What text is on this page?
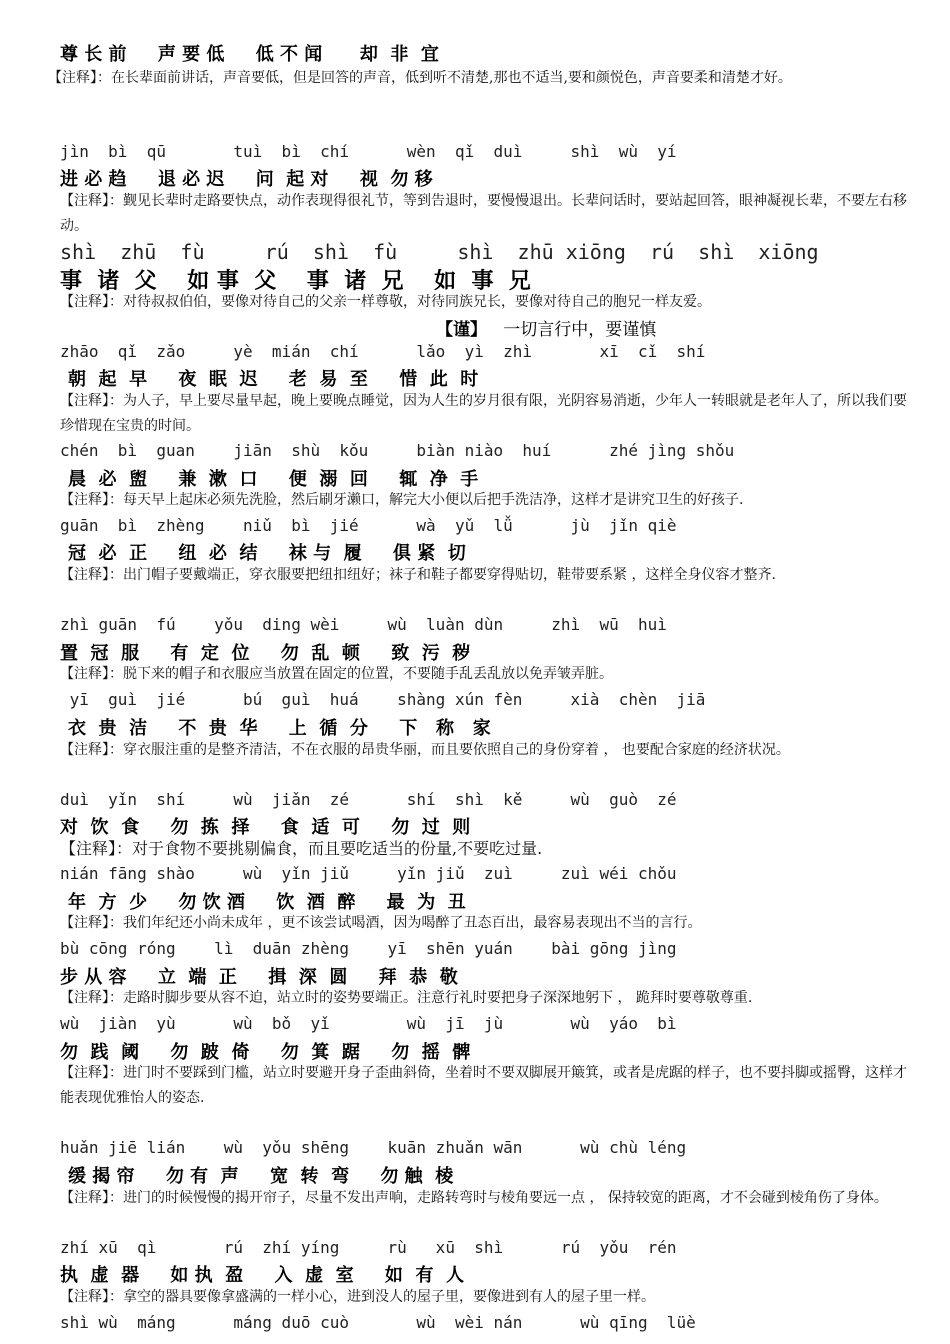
尊 长 前     声 要 低     低 不 闻      却  非  宜
【注释】：在长辈面前讲话，声音要低，但是回答的声音，低到听不清楚,那也不适当,要和颜悦色，声音要柔和清楚才好。
jìn  bì  qū       tuì  bì  chí      wèn  qǐ  duì     shì  wù  yí
进 必 趋     退 必 迟     问  起 对     视  勿 移
【注释】：觐见长辈时走路要快点，动作表现得很礼节，等到告退时，要慢慢退出。长辈问话时，要站起回答，眼神凝视长辈，不要左右移动。
shì  zhū  fù     rú  shì  fù     shì  zhū xiōng  rú  shì  xiōng
事  诸  父    如 事  父    事  诸  兄    如  事  兄
【注释】：对待叔叔伯伯，要像对待自己的父亲一样尊敬，对待同族兄长，要像对待自己的胞兄一样友爱。
【谨】 一切言行中，要谨慎
zhāo  qǐ  zǎo     yè  mián  chí      lǎo  yì  zhì       xī  cǐ  shí
朝  起  早     夜  眠  迟     老  易  至     惜  此  时
【注释】：为人子，早上要尽量早起，晚上要晚点睡觉，因为人生的岁月很有限，光阴容易消逝，少年人一转眼就是老年人了，所以我们要珍惜现在宝贵的时间。
chén  bì  guan    jiān  shù  kǒu     biàn niào  huí      zhé jìng shǒu
晨  必  盥     兼  漱  口     便  溺  回     辄  净  手
【注释】：每天早上起床必须先洗脸，然后刷牙濑口，解完大小便以后把手洗洁净，这样才是讲究卫生的好孩子.
guān  bì  zhèng    niǔ  bì  jié      wà  yǔ  lǚ      jù  jǐn qiè
冠  必  正     纽  必  结     袜 与  履     俱 紧  切
【注释】：出门帽子要戴端正，穿衣服要把纽扣纽好；袜子和鞋子都要穿得贴切，鞋带要系紧 ，这样全身仪容才整齐.
zhì guān  fú    yǒu  ding wèi     wù  luàn dùn     zhì  wū  huì
置  冠  服     有  定  位     勿  乱  顿     致  污  秽
【注释】：脱下来的帽子和衣服应当放置在固定的位置，不要随手乱丢乱放以免弄皱弄脏。
yī  guì  jié      bú  guì  huá    shàng xún fèn     xià  chèn  jiā
衣  贵  洁     不  贵  华     上  循  分     下   称   家
【注释】：穿衣服注重的是整齐清洁，不在衣服的昂贵华丽，而且要依照自己的身份穿着 ， 也要配合家庭的经济状况。
duì  yǐn  shí     wù  jiǎn  zé      shí  shì  kě     wù  guò  zé
对  饮  食     勿  拣  择     食  适  可     勿  过  则
【注释】：对于食物不要挑剔偏食，而且要吃适当的份量,不要吃过量.
nián fāng shào     wù  yǐn jiǔ     yǐn jiǔ  zuì     zuì wéi chǒu
年  方  少     勿 饮 酒     饮  酒  醉     最  为  丑
【注释】：我们年纪还小尚未成年 ，更不该尝试喝酒，因为喝醉了丑态百出，最容易表现出不当的言行。
bù cōng róng    lì  duān zhèng    yī  shēn yuán    bài gōng jìng
步 从 容     立  端  正     揖  深  圆     拜  恭  敬
【注释】：走路时脚步要从容不迫，站立时的姿势要端正。注意行礼时要把身子深深地躬下 ， 跪拜时要尊敬尊重.
wù  jiàn  yù      wù  bǒ  yǐ        wù  jī  jù       wù  yáo  bì
勿  践  阈     勿  跛  倚     勿  箕  踞     勿  摇  髀
【注释】：进门时不要踩到门槛，站立时要避开身子歪曲斜倚，坐着时不要双脚展开簸箕，或者是虎踞的样子，也不要抖脚或摇臀，这样才能表现优雅怡人的姿态.
huǎn jiē lián    wù  yǒu shēng    kuān zhuǎn wān      wù chù léng
缓 揭 帘     勿 有  声     宽  转  弯     勿 触  棱
【注释】：进门的时候慢慢的揭开帘子，尽量不发出声响，走路转弯时与棱角要远一点 ， 保持较宽的距离，才不会碰到棱角伤了身体。
zhí xū  qì       rú  zhí yíng     rù   xū  shì      rú  yǒu  rén
执  虚  器     如 执  盈     入  虚  室     如  有  人
【注释】：拿空的器具要像拿盛满的一样小心，进到没人的屋子里，要像进到有人的屋子里一样。
shì wù  máng      máng duō cuò       wù  wèi nán      wù qīng  lüè
